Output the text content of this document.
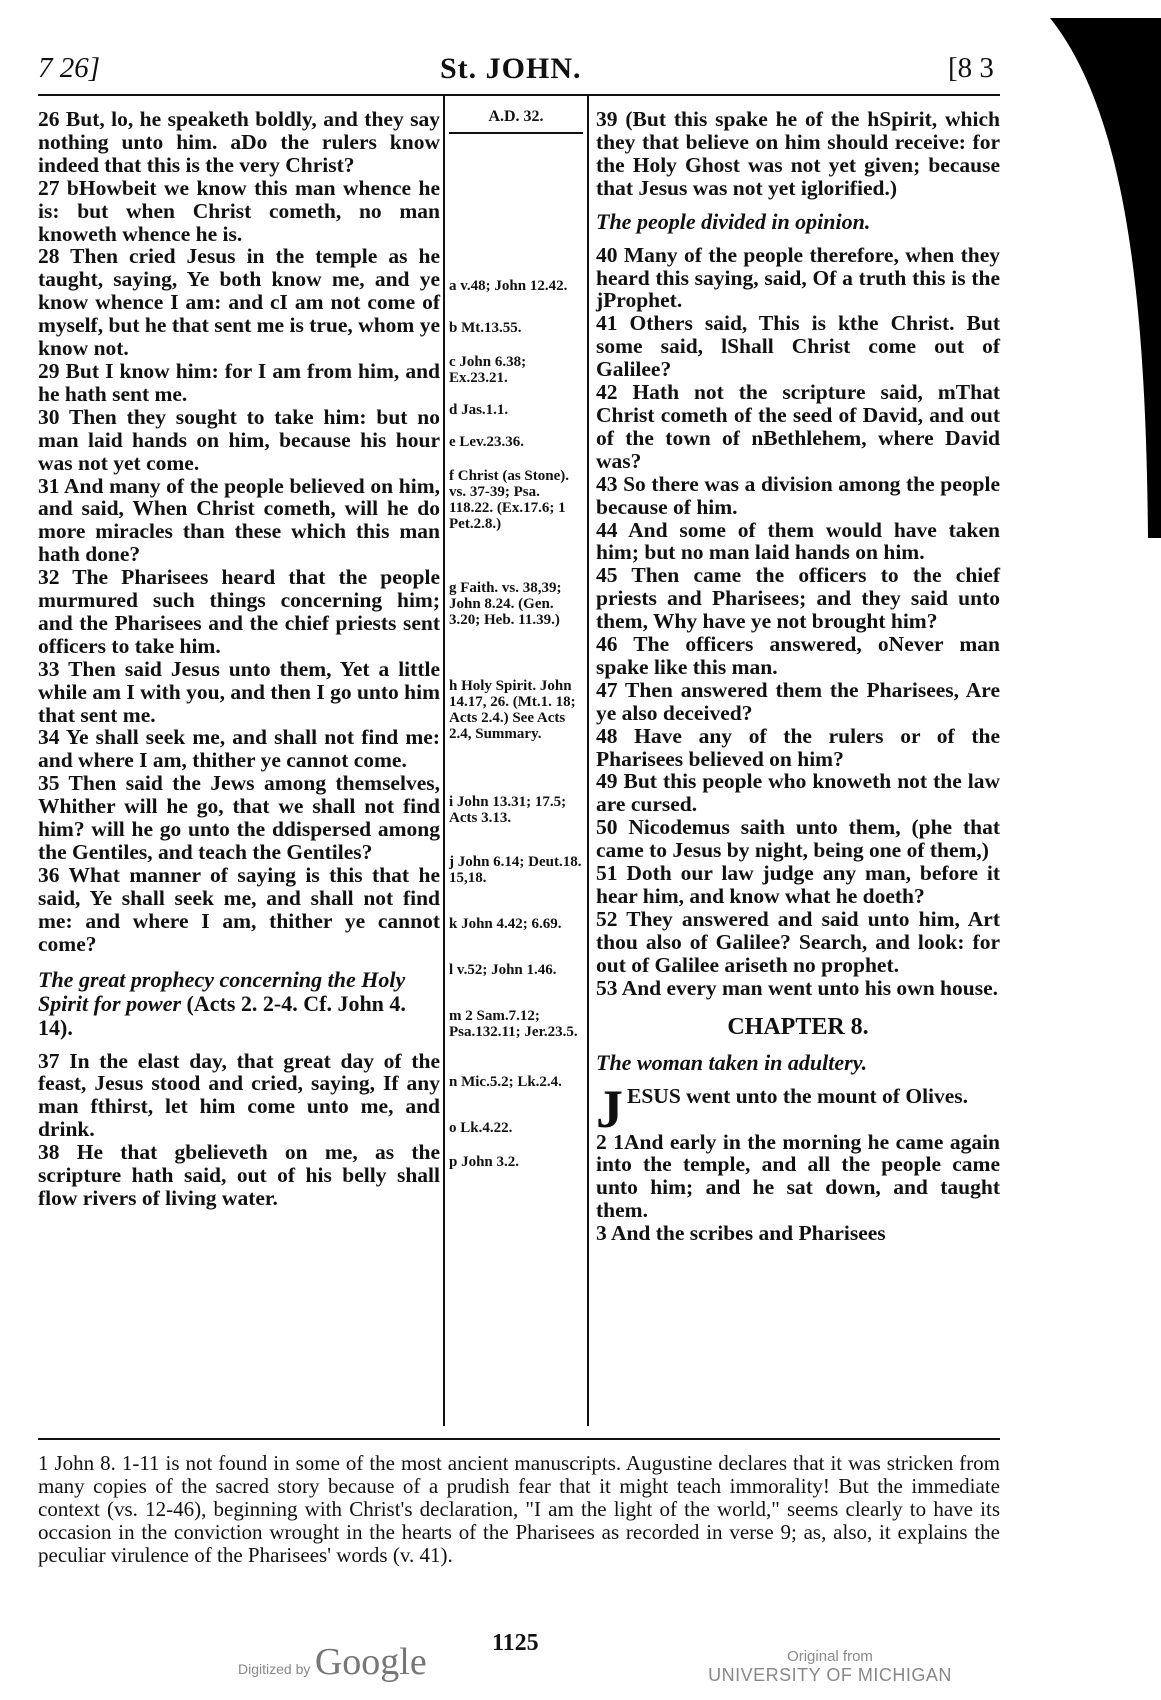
7 26]	St. JOHN.	[8 3

26 But, lo, he speaketh boldly, and they say nothing unto him. aDo the rulers know indeed that this is the very Christ?

27 bHowbeit we know this man whence he is: but when Christ cometh, no man knoweth whence he is.

28 Then cried Jesus in the temple as he taught, saying, Ye both know me, and ye know whence I am: and cI am not come of myself, but he that sent me is true, whom ye know not.

29 But I know him: for I am from him, and he hath sent me.

30 Then they sought to take him: but no man laid hands on him, because his hour was not yet come.

31 And many of the people believed on him, and said, When Christ cometh, will he do more miracles than these which this man hath done?

32 The Pharisees heard that the people murmured such things concerning him; and the Pharisees and the chief priests sent officers to take him.

33 Then said Jesus unto them, Yet a little while am I with you, and then I go unto him that sent me.

34 Ye shall seek me, and shall not find me: and where I am, thither ye cannot come.

35 Then said the Jews among themselves, Whither will he go, that we shall not find him? will he go unto the ddispersed among the Gentiles, and teach the Gentiles?

36 What manner of saying is this that he said, Ye shall seek me, and shall not find me: and where I am, thither ye cannot come?

The great prophecy concerning the Holy Spirit for power (Acts 2. 2-4. Cf. John 4. 14).

37 In the elast day, that great day of the feast, Jesus stood and cried, saying, If any man fthirst, let him come unto me, and drink.

38 He that gbelieveth on me, as the scripture hath said, out of his belly shall flow rivers of living water.

A.D. 32.
a v.48; John 12.42.
b Mt.13.55.
c John 6.38; Ex.23.21.
d Jas.1.1.
e Lev.23.36.
f Christ (as Stone). vs. 37-39; Psa. 118.22. (Ex.17.6; 1 Pet.2.8.)
g Faith. vs. 38,39; John 8.24. (Gen. 3.20; Heb. 11.39.)
h Holy Spirit. John 14.17, 26. (Mt.1. 18; Acts 2.4.) See Acts 2.4, Summary.
i John 13.31; 17.5; Acts 3.13.
j John 6.14; Deut.18. 15,18.
k John 4.42; 6.69.
l v.52; John 1.46.
m 2 Sam.7.12; Psa.132.11; Jer.23.5.
n Mic.5.2; Lk.2.4.
o Lk.4.22.
p John 3.2.

39 (But this spake he of the hSpirit, which they that believe on him should receive: for the Holy Ghost was not yet given; because that Jesus was not yet iglorified.)

The people divided in opinion.

40 Many of the people therefore, when they heard this saying, said, Of a truth this is the jProphet.

41 Others said, This is kthe Christ. But some said, lShall Christ come out of Galilee?

42 Hath not the scripture said, mThat Christ cometh of the seed of David, and out of the town of nBethlehem, where David was?

43 So there was a division among the people because of him.

44 And some of them would have taken him; but no man laid hands on him.

45 Then came the officers to the chief priests and Pharisees; and they said unto them, Why have ye not brought him?

46 The officers answered, oNever man spake like this man.

47 Then answered them the Pharisees, Are ye also deceived?

48 Have any of the rulers or of the Pharisees believed on him?

49 But this people who knoweth not the law are cursed.

50 Nicodemus saith unto them, (phe that came to Jesus by night, being one of them,)

51 Doth our law judge any man, before it hear him, and know what he doeth?

52 They answered and said unto him, Art thou also of Galilee? Search, and look: for out of Galilee ariseth no prophet.

53 And every man went unto his own house.

CHAPTER 8.
The woman taken in adultery.

JESUS went unto the mount of Olives.

2 1And early in the morning he came again into the temple, and all the people came unto him; and he sat down, and taught them.

3 And the scribes and Pharisees

1 John 8. 1-11 is not found in some of the most ancient manuscripts. Augustine declares that it was stricken from many copies of the sacred story because of a prudish fear that it might teach immorality! But the immediate context (vs. 12-46), beginning with Christ's declaration, "I am the light of the world," seems clearly to have its occasion in the conviction wrought in the hearts of the Pharisees as recorded in verse 9; as, also, it explains the peculiar virulence of the Pharisees' words (v. 41).
1125
Digitized by Google	Original from
UNIVERSITY OF MICHIGAN
